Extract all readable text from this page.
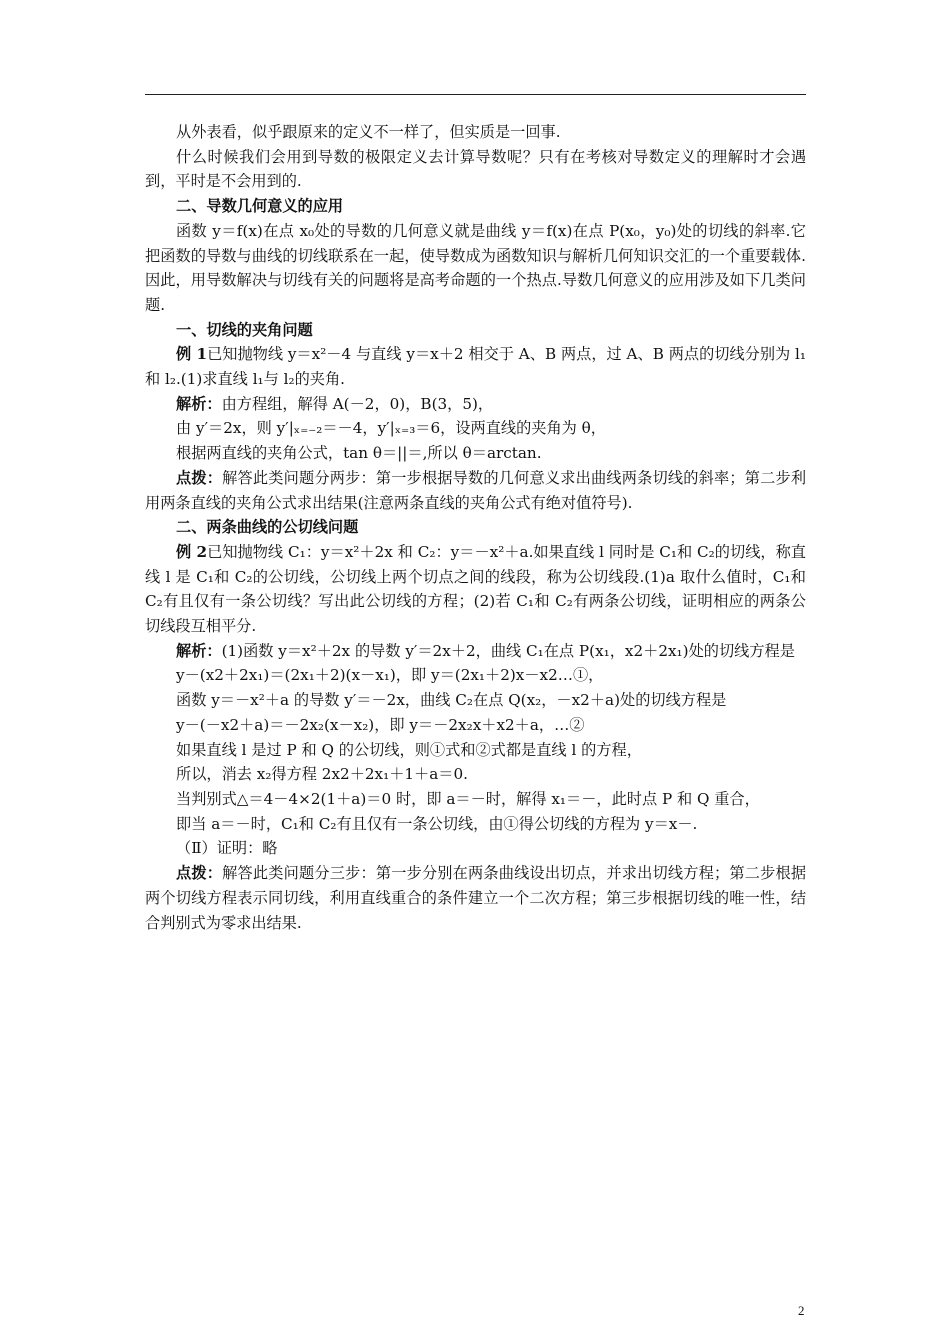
从外表看，似乎跟原来的定义不一样了，但实质是一回事.

什么时候我们会用到导数的极限定义去计算导数呢？只有在考核对导数定义的理解时才会遇到，平时是不会用到的.

二、导数几何意义的应用

函数 y＝f(x)在点 x₀处的导数的几何意义就是曲线 y＝f(x)在点 P(x₀，y₀)处的切线的斜率.它把函数的导数与曲线的切线联系在一起，使导数成为函数知识与解析几何知识交汇的一个重要载体.因此，用导数解决与切线有关的问题将是高考命题的一个热点.导数几何意义的应用涉及如下几类问题.

一、切线的夹角问题

例 1已知抛物线 y＝x²－4 与直线 y＝x＋2 相交于 A、B 两点，过 A、B 两点的切线分别为 l₁和 l₂.(1)求直线 l₁与 l₂的夹角.

解析：由方程组，解得 A(－2，0)，B(3，5)，

由 y′＝2x，则 y′|ₓ₌₋₂＝－4，y′|ₓ₌₃＝6，设两直线的夹角为 θ，

根据两直线的夹角公式，tan θ＝||＝,所以 θ＝arctan.

点拨：解答此类问题分两步：第一步根据导数的几何意义求出曲线两条切线的斜率；第二步利用两条直线的夹角公式求出结果(注意两条直线的夹角公式有绝对值符号).

二、两条曲线的公切线问题

例 2已知抛物线 C₁：y＝x²＋2x 和 C₂：y＝－x²＋a.如果直线 l 同时是 C₁和 C₂的切线，称直线 l 是 C₁和 C₂的公切线，公切线上两个切点之间的线段，称为公切线段.(1)a 取什么值时，C₁和 C₂有且仅有一条公切线？写出此公切线的方程；(2)若 C₁和 C₂有两条公切线，证明相应的两条公切线段互相平分.

解析：(1)函数 y＝x²＋2x 的导数 y′＝2x＋2，曲线 C₁在点 P(x₁，x2＋2x₁)处的切线方程是

y－(x2＋2x₁)＝(2x₁＋2)(x－x₁)，即 y＝(2x₁＋2)x－x2…①，

函数 y＝－x²＋a 的导数 y′＝－2x，曲线 C₂在点 Q(x₂，－x2＋a)处的切线方程是

y－(－x2＋a)＝－2x₂(x－x₂)，即 y＝－2x₂x＋x2＋a，…②

如果直线 l 是过 P 和 Q 的公切线，则①式和②式都是直线 l 的方程，

所以，消去 x₂得方程 2x2＋2x₁＋1＋a＝0.

当判别式△＝4－4×2(1＋a)＝0 时，即 a＝－时，解得 x₁＝－，此时点 P 和 Q 重合，

即当 a＝－时，C₁和 C₂有且仅有一条公切线，由①得公切线的方程为 y＝x－.

（Ⅱ）证明：略

点拨：解答此类问题分三步：第一步分别在两条曲线设出切点，并求出切线方程；第二步根据两个切线方程表示同切线，利用直线重合的条件建立一个二次方程；第三步根据切线的唯一性，结合判别式为零求出结果.

2
